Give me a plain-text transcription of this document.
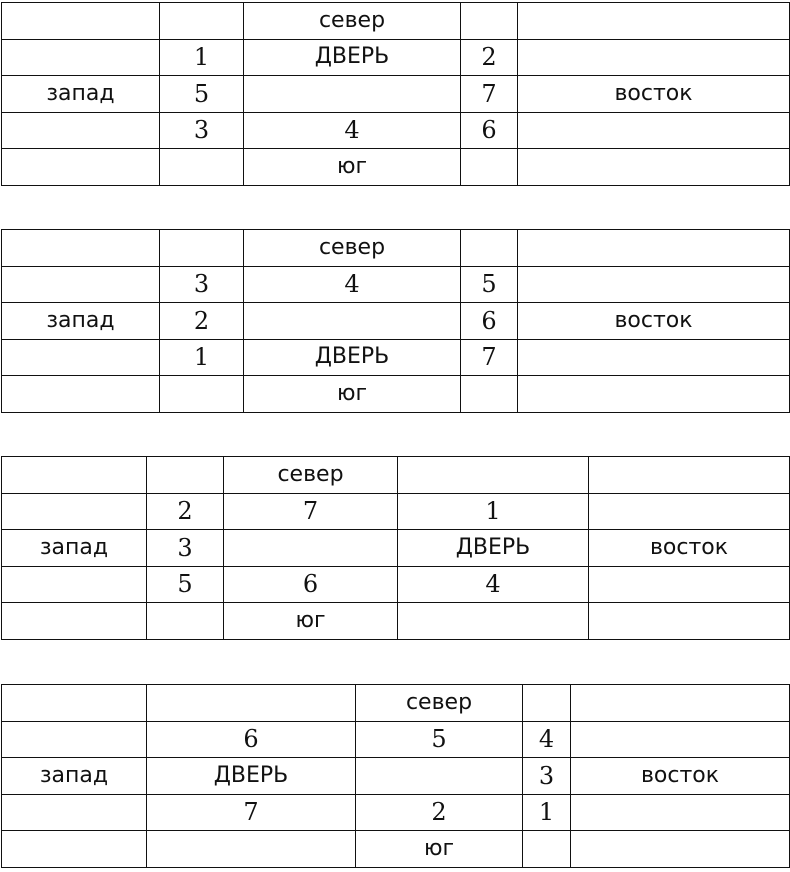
		север		
	1	ДВЕРЬ	2	
запад	5		7	восток
	3	4	6	
		юг		
		север		
	3	4	5	
запад	2		6	восток
	1	ДВЕРЬ	7	
		юг		
		север		
	2	7	1	
запад	3		ДВЕРЬ	восток
	5	6	4	
		юг		
		север		
	6	5	4	
запад	ДВЕРЬ		3	восток
	7	2	1	
		юг		
